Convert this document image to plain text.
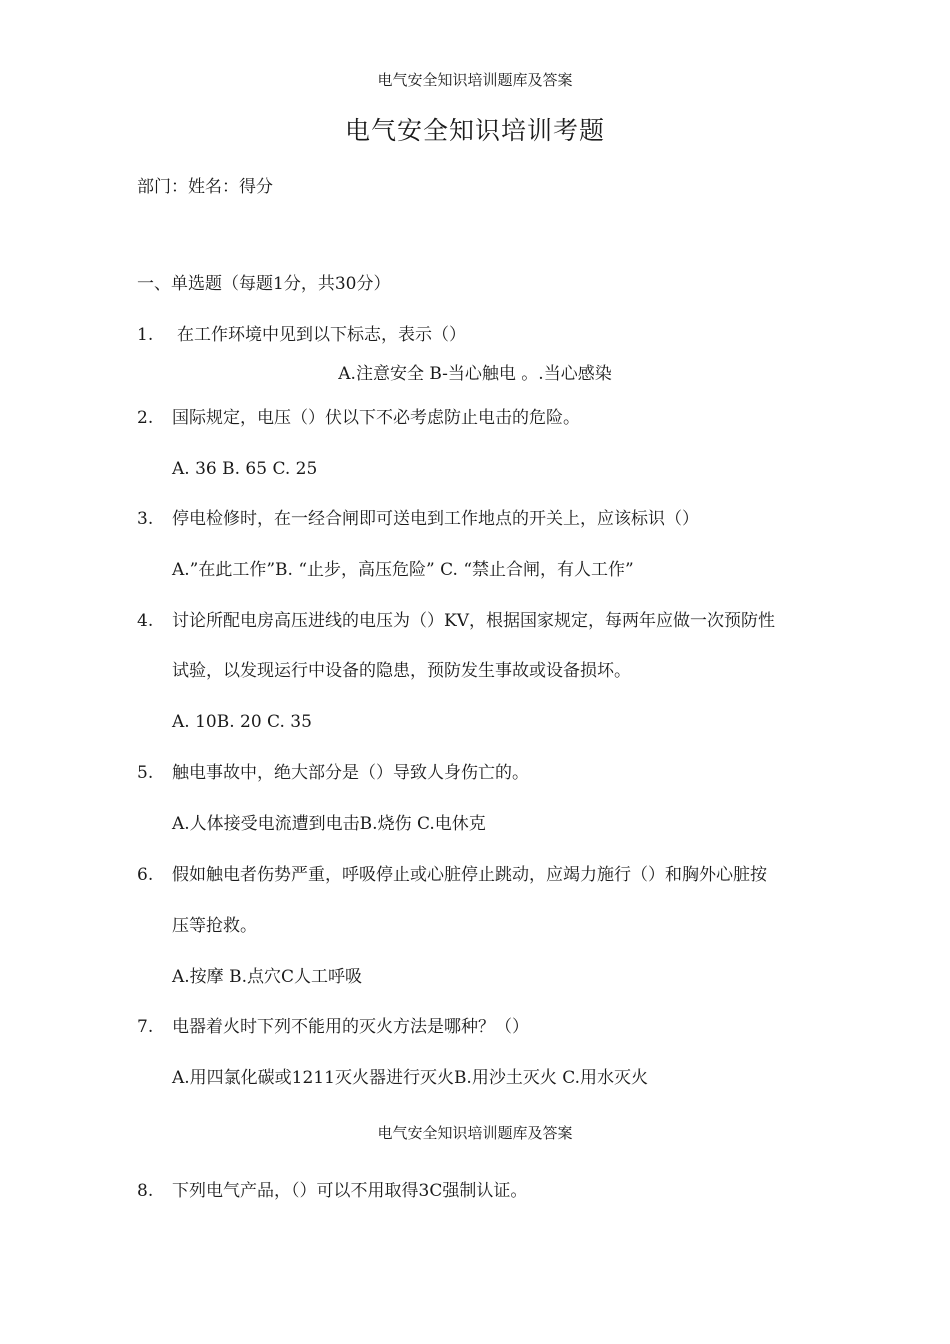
电气安全知识培训题库及答案
电气安全知识培训考题
部门：姓名：得分
一、单选题（每题1分，共30分）
1.	在工作环境中见到以下标志，表示（）
A.注意安全 B-当心触电 。.当心感染
2.	国际规定，电压（）伏以下不必考虑防止电击的危险。
A. 36 B. 65 C. 25
3.	停电检修时，在一经合闸即可送电到工作地点的开关上，应该标识（）
A.”在此工作”B. “止步，高压危险” C. “禁止合闸，有人工作”
4.	讨论所配电房高压进线的电压为（）KV，根据国家规定，每两年应做一次预防性
试验，以发现运行中设备的隐患，预防发生事故或设备损坏。
A. 10B. 20 C. 35
5.	触电事故中，绝大部分是（）导致人身伤亡的。
A.人体接受电流遭到电击B.烧伤 C.电休克
6.	假如触电者伤势严重，呼吸停止或心脏停止跳动，应竭力施行（）和胸外心脏按
压等抢救。
A.按摩 B.点穴C人工呼吸
7.	电器着火时下列不能用的灭火方法是哪种？（）
A.用四氯化碳或1211灭火器进行灭火B.用沙土灭火 C.用水灭火
电气安全知识培训题库及答案
8.	下列电气产品，（）可以不用取得3C强制认证。
